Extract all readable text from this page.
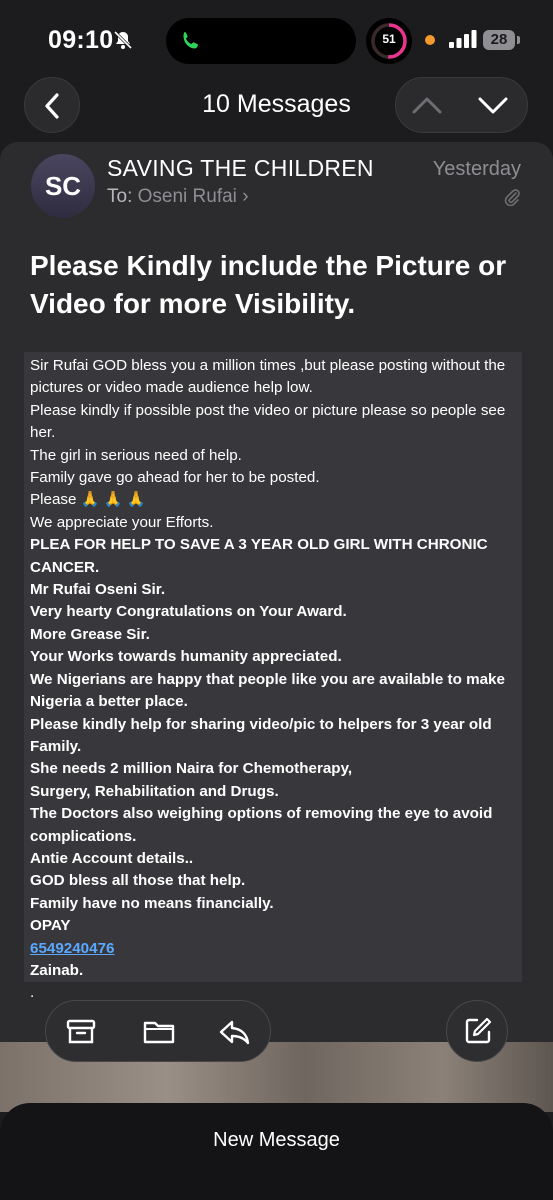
09:10	51	28
10 Messages
SC
SAVING THE CHILDREN
To: Oseni Rufai ›
Yesterday
Please Kindly include the Picture or Video for more Visibility.

Sir Rufai GOD bless you a million times ,but please posting without the pictures or video made audience help low.

Please kindly if possible post the video or picture please so people see her.

The girl in serious need of help.

Family gave go ahead for her to be posted.

Please 🙏 🙏 🙏

We appreciate your Efforts.

PLEA FOR HELP TO SAVE A 3 YEAR OLD GIRL WITH CHRONIC CANCER.

Mr Rufai Oseni Sir.

Very hearty Congratulations on Your Award.

More Grease Sir.

Your Works towards humanity appreciated.

We Nigerians are happy that people like you are available to make Nigeria a better place.

Please kindly help for sharing video/pic to helpers for 3 year old Family.

She needs 2 million Naira for Chemotherapy,

Surgery, Rehabilitation and Drugs.

The Doctors also weighing options of removing the eye to avoid complications.

Antie Account details..

GOD bless all those that help.

Family have no means financially.

OPAY

6549240476

Zainab.

.

New Message
